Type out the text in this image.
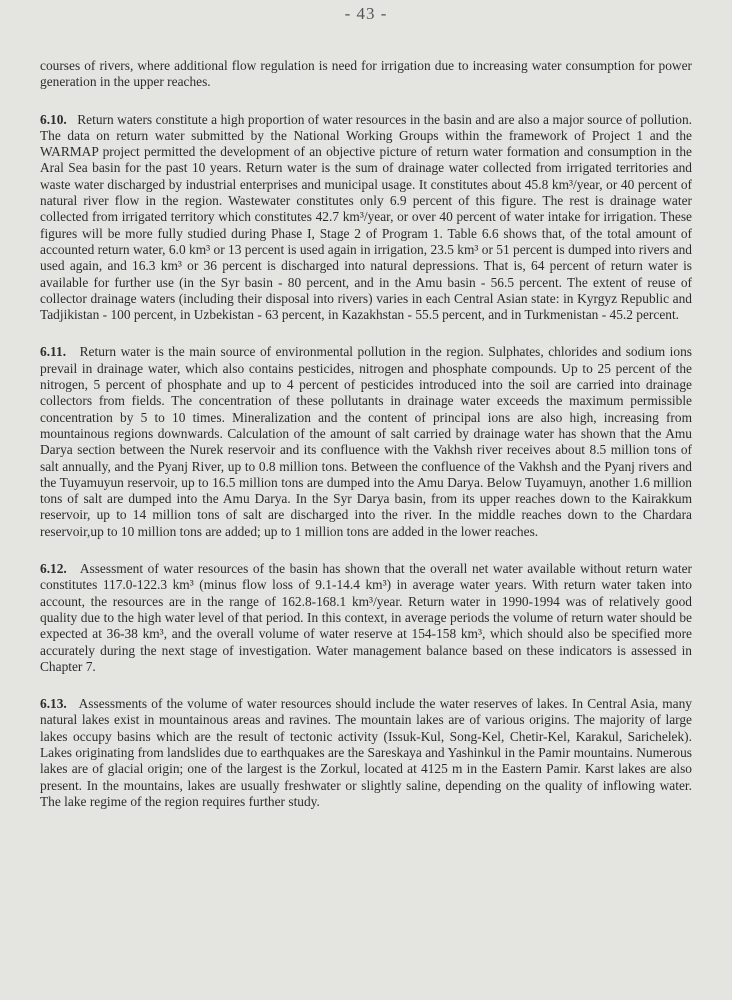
- 43 -

courses of rivers, where additional flow regulation is need for irrigation due to increasing water consumption for power generation in the upper reaches.

6.10. Return waters constitute a high proportion of water resources in the basin and are also a major source of pollution. The data on return water submitted by the National Working Groups within the framework of Project 1 and the WARMAP project permitted the development of an objective picture of return water formation and consumption in the Aral Sea basin for the past 10 years. Return water is the sum of drainage water collected from irrigated territories and waste water discharged by industrial enterprises and municipal usage. It constitutes about 45.8 km³/year, or 40 percent of natural river flow in the region. Wastewater constitutes only 6.9 percent of this figure. The rest is drainage water collected from irrigated territory which constitutes 42.7 km³/year, or over 40 percent of water intake for irrigation. These figures will be more fully studied during Phase I, Stage 2 of Program 1. Table 6.6 shows that, of the total amount of accounted return water, 6.0 km³ or 13 percent is used again in irrigation, 23.5 km³ or 51 percent is dumped into rivers and used again, and 16.3 km³ or 36 percent is discharged into natural depressions. That is, 64 percent of return water is available for further use (in the Syr basin - 80 percent, and in the Amu basin - 56.5 percent. The extent of reuse of collector drainage waters (including their disposal into rivers) varies in each Central Asian state: in Kyrgyz Republic and Tadjikistan - 100 percent, in Uzbekistan - 63 percent, in Kazakhstan - 55.5 percent, and in Turkmenistan - 45.2 percent.

6.11. Return water is the main source of environmental pollution in the region. Sulphates, chlorides and sodium ions prevail in drainage water, which also contains pesticides, nitrogen and phosphate compounds. Up to 25 percent of the nitrogen, 5 percent of phosphate and up to 4 percent of pesticides introduced into the soil are carried into drainage collectors from fields. The concentration of these pollutants in drainage water exceeds the maximum permissible concentration by 5 to 10 times. Mineralization and the content of principal ions are also high, increasing from mountainous regions downwards. Calculation of the amount of salt carried by drainage water has shown that the Amu Darya section between the Nurek reservoir and its confluence with the Vakhsh river receives about 8.5 million tons of salt annually, and the Pyanj River, up to 0.8 million tons. Between the confluence of the Vakhsh and the Pyanj rivers and the Tuyamuyun reservoir, up to 16.5 million tons are dumped into the Amu Darya. Below Tuyamuyn, another 1.6 million tons of salt are dumped into the Amu Darya. In the Syr Darya basin, from its upper reaches down to the Kairakkum reservoir, up to 14 million tons of salt are discharged into the river. In the middle reaches down to the Chardara reservoir,up to 10 million tons are added; up to 1 million tons are added in the lower reaches.

6.12. Assessment of water resources of the basin has shown that the overall net water available without return water constitutes 117.0-122.3 km³ (minus flow loss of 9.1-14.4 km³) in average water years. With return water taken into account, the resources are in the range of 162.8-168.1 km³/year. Return water in 1990-1994 was of relatively good quality due to the high water level of that period. In this context, in average periods the volume of return water should be expected at 36-38 km³, and the overall volume of water reserve at 154-158 km³, which should also be specified more accurately during the next stage of investigation. Water management balance based on these indicators is assessed in Chapter 7.

6.13. Assessments of the volume of water resources should include the water reserves of lakes. In Central Asia, many natural lakes exist in mountainous areas and ravines. The mountain lakes are of various origins. The majority of large lakes occupy basins which are the result of tectonic activity (Issuk-Kul, Song-Kel, Chetir-Kel, Karakul, Sarichelek). Lakes originating from landslides due to earthquakes are the Sareskaya and Yashinkul in the Pamir mountains. Numerous lakes are of glacial origin; one of the largest is the Zorkul, located at 4125 m in the Eastern Pamir. Karst lakes are also present. In the mountains, lakes are usually freshwater or slightly saline, depending on the quality of inflowing water. The lake regime of the region requires further study.
